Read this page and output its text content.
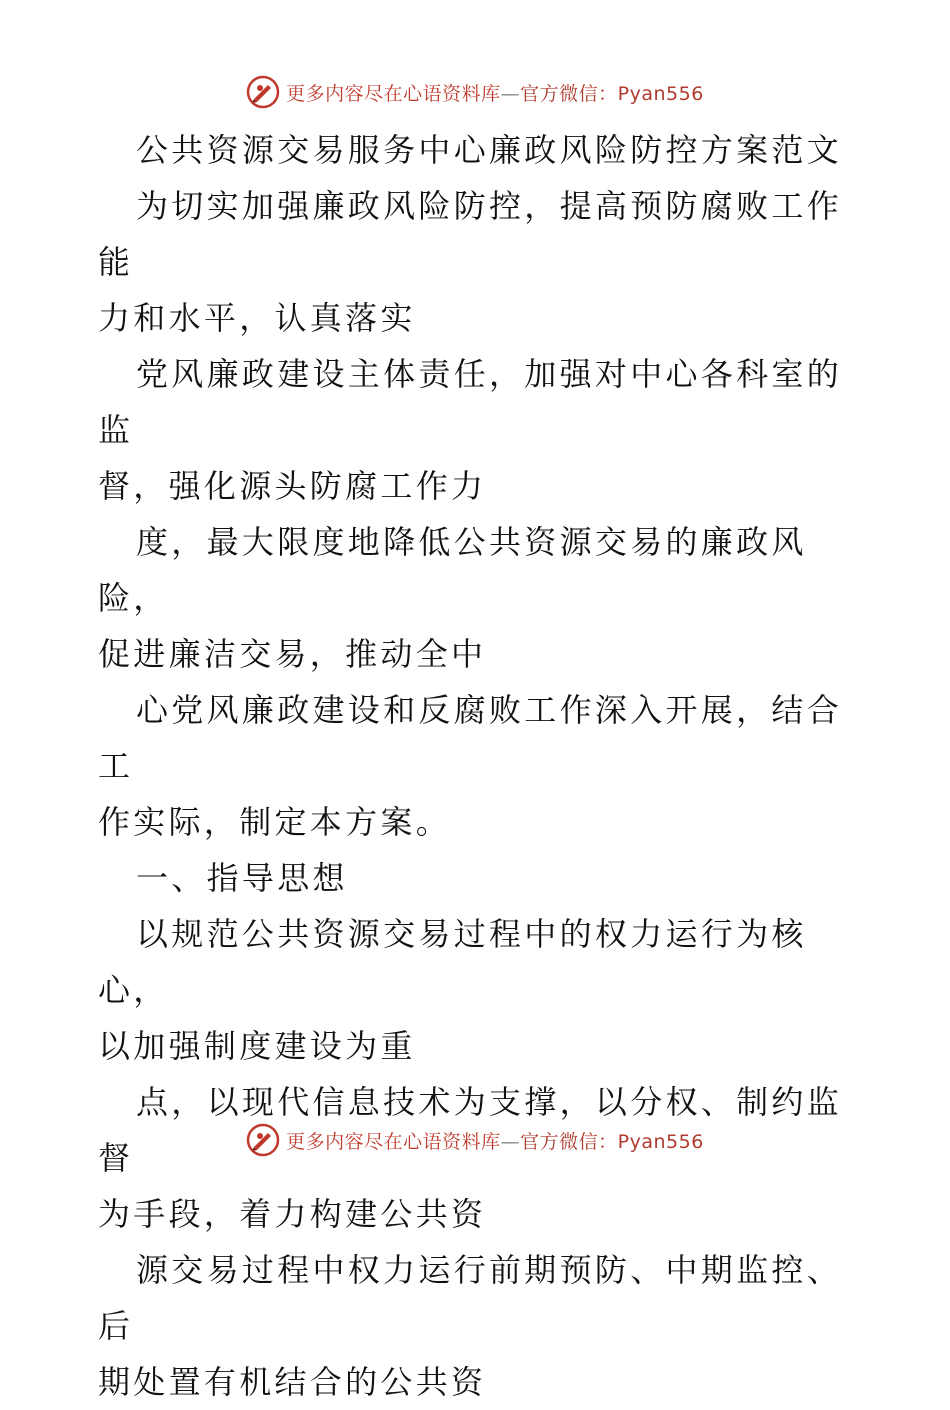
更多内容尽在心语资料库—官方微信：Pyan556

公共资源交易服务中心廉政风险防控方案范文

为切实加强廉政风险防控，提高预防腐败工作能
力和水平，认真落实

党风廉政建设主体责任，加强对中心各科室的监
督，强化源头防腐工作力

度，最大限度地降低公共资源交易的廉政风险，
促进廉洁交易，推动全中

心党风廉政建设和反腐败工作深入开展，结合工
作实际，制定本方案。

一、指导思想

以规范公共资源交易过程中的权力运行为核心，
以加强制度建设为重

点，以现代信息技术为支撑，以分权、制约监督
为手段，着力构建公共资

源交易过程中权力运行前期预防、中期监控、后
期处置有机结合的公共资

更多内容尽在心语资料库—官方微信：Pyan556
